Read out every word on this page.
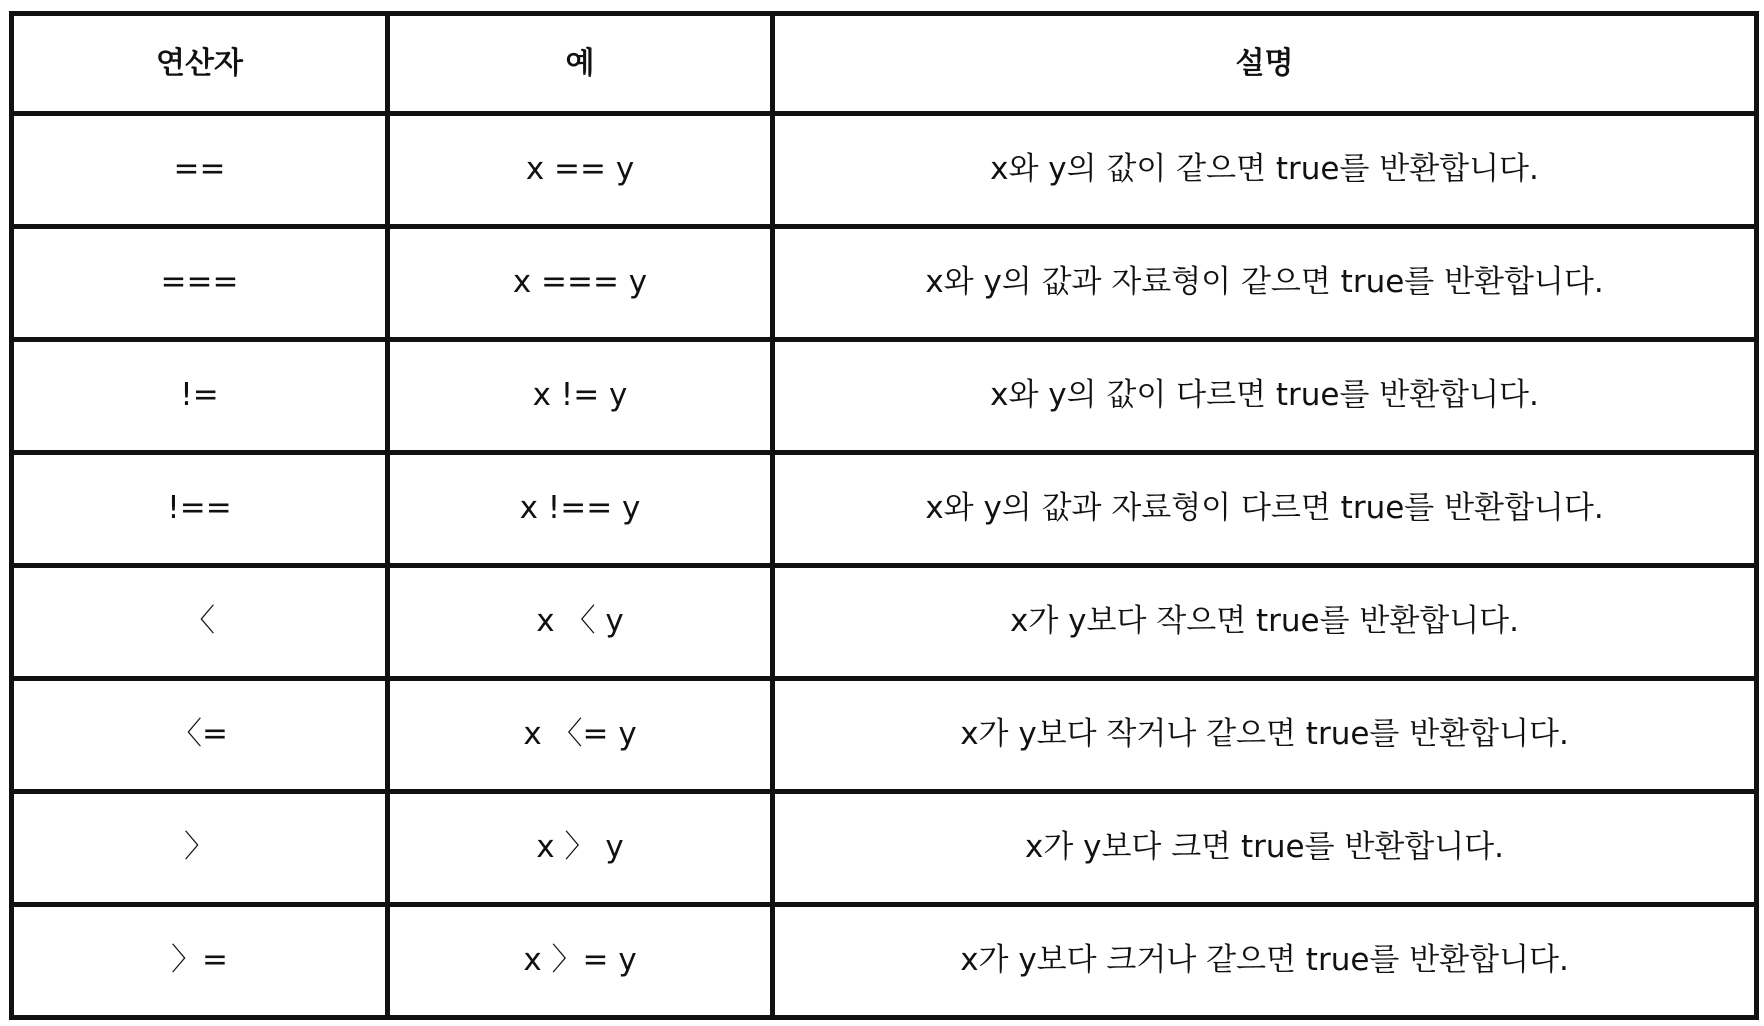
연산자	예	설명
==	x == y	x와 y의 값이 같으면 true를 반환합니다.
===	x === y	x와 y의 값과 자료형이 같으면 true를 반환합니다.
!=	x != y	x와 y의 값이 다르면 true를 반환합니다.
!==	x !== y	x와 y의 값과 자료형이 다르면 true를 반환합니다.
〈	x 〈 y	x가 y보다 작으면 true를 반환합니다.
〈=	x 〈= y	x가 y보다 작거나 같으면 true를 반환합니다.
〉	x 〉 y	x가 y보다 크면 true를 반환합니다.
〉=	x 〉= y	x가 y보다 크거나 같으면 true를 반환합니다.
